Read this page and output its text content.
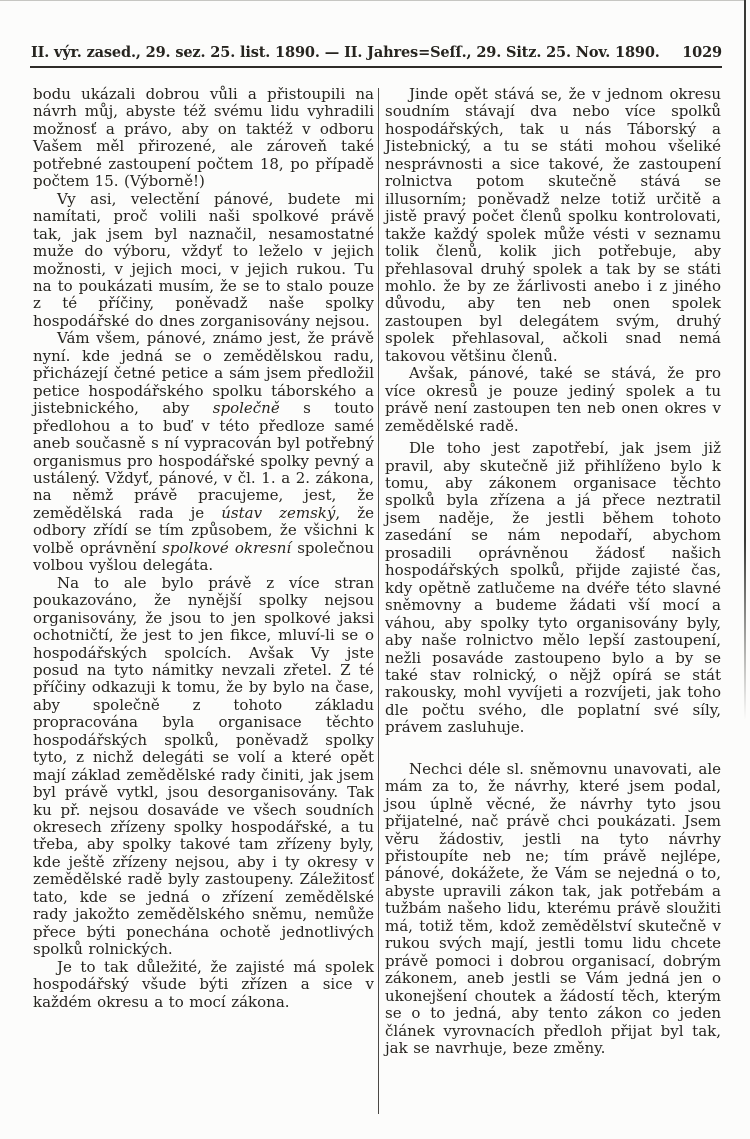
II. výr. zased., 29. sez. 25. list. 1890. — II. Jahres=Seſſ., 29. Sitz. 25. Nov. 1890. 1029

bodu ukázali dobrou vůli a přistoupili na návrh můj, abyste též svému lidu vyhradili možnosť a právo, aby on taktéž v odboru Vašem měl přirozené, ale zároveň také potřebné zastoupení počtem 18, po případě počtem 15. (Výborně!)

Vy asi, velectění pánové, budete mi namítati, proč volili naši spolkové právě tak, jak jsem byl naznačil, nesamostatné muže do výboru, vždyť to leželo v jejich možnosti, v jejich moci, v jejich rukou. Tu na to poukázati musím, že se to stalo pouze z té příčiny, poněvadž naše spolky hospodářské do dnes zorganisovány nejsou.

Vám všem, pánové, známo jest, že právě nyní. kde jedná se o zemědělskou radu, přicházejí četné petice a sám jsem předložil petice hospodářského spolku táborského a jistebnického, aby společně s touto předlohou a to buď v této předloze samé aneb současně s ní vypracován byl potřebný organismus pro hospodářské spolky pevný a ustálený. Vždyť, pánové, v čl. 1. a 2. zákona, na němž právě pracujeme, jest, že zemědělská rada je ústav zemský, že odbory zřídí se tím způsobem, že všichni k volbě oprávnění spolkové okresní společnou volbou vyšlou delegáta.

Na to ale bylo právě z více stran poukazováno, že nynější spolky nejsou organisovány, že jsou to jen spolkové jaksi ochotničtí, že jest to jen fikce, mluví-li se o hospodářských spolcích. Avšak Vy jste posud na tyto námitky nevzali zřetel. Z té příčiny odkazuji k tomu, že by bylo na čase, aby společně z tohoto základu propracována byla organisace těchto hospodářských spolků, poněvadž spolky tyto, z nichž delegáti se volí a které opět mají základ zemědělské rady činiti, jak jsem byl právě vytkl, jsou desorganisovány. Tak ku př. nejsou dosaváde ve všech soudních okresech zřízeny spolky hospodářské, a tu třeba, aby spolky takové tam zřízeny byly, kde ještě zřízeny nejsou, aby i ty okresy v zemědělské radě byly zastoupeny. Záležitosť tato, kde se jedná o zřízení zemědělské rady jakožto zemědělského sněmu, nemůže přece býti ponechána ochotě jednotlivých spolků rolnických.

Je to tak důležité, že zajisté má spolek hospodářský všude býti zřízen a sice v každém okresu a to mocí zákona.

Jinde opět stává se, že v jednom okresu soudním stávají dva nebo více spolků hospodářských, tak u nás Táborský a Jistebnický, a tu se státi mohou všeliké nesprávnosti a sice takové, že zastoupení rolnictva potom skutečně stává se illusorním; poněvadž nelze totiž určitě a jistě pravý počet členů spolku kontrolovati, takže každý spolek může vésti v seznamu tolik členů, kolik jich potřebuje, aby přehlasoval druhý spolek a tak by se státi mohlo. že by ze žárlivosti anebo i z jiného důvodu, aby ten neb onen spolek zastoupen byl delegátem svým, druhý spolek přehlasoval, ačkoli snad nemá takovou většinu členů.

Avšak, pánové, také se stává, že pro více okresů je pouze jediný spolek a tu právě není zastoupen ten neb onen okres v zemědělské radě.

Dle toho jest zapotřebí, jak jsem již pravil, aby skutečně již přihlíženo bylo k tomu, aby zákonem organisace těchto spolků byla zřízena a já přece neztratil jsem naděje, že jestli během tohoto zasedání se nám nepodaří, abychom prosadili oprávněnou žádosť našich hospodářských spolků, přijde zajisté čas, kdy opětně zatlučeme na dvéře této slavné sněmovny a budeme žádati vší mocí a váhou, aby spolky tyto organisovány byly, aby naše rolnictvo mělo lepší zastoupení, nežli posaváde zastoupeno bylo a by se také stav rolnický, o nějž opírá se stát rakousky, mohl vyvíjeti a rozvíjeti, jak toho dle počtu svého, dle poplatní své síly, právem zasluhuje.

Nechci déle sl. sněmovnu unavovati, ale mám za to, že návrhy, které jsem podal, jsou úplně věcné, že návrhy tyto jsou přijatelné, nač právě chci poukázati. Jsem věru žádostiv, jestli na tyto návrhy přistoupíte neb ne; tím právě nejlépe, pánové, dokážete, že Vám se nejedná o to, abyste upravili zákon tak, jak potřebám a tužbám našeho lidu, kterému právě sloužiti má, totiž těm, kdož zemědělství skutečně v rukou svých mají, jestli tomu lidu chcete právě pomoci i dobrou organisací, dobrým zákonem, aneb jestli se Vám jedná jen o ukonejšení choutek a žádostí těch, kterým se o to jedná, aby tento zákon co jeden článek vyrovnacích předloh přijat byl tak, jak se navrhuje, beze změny.
